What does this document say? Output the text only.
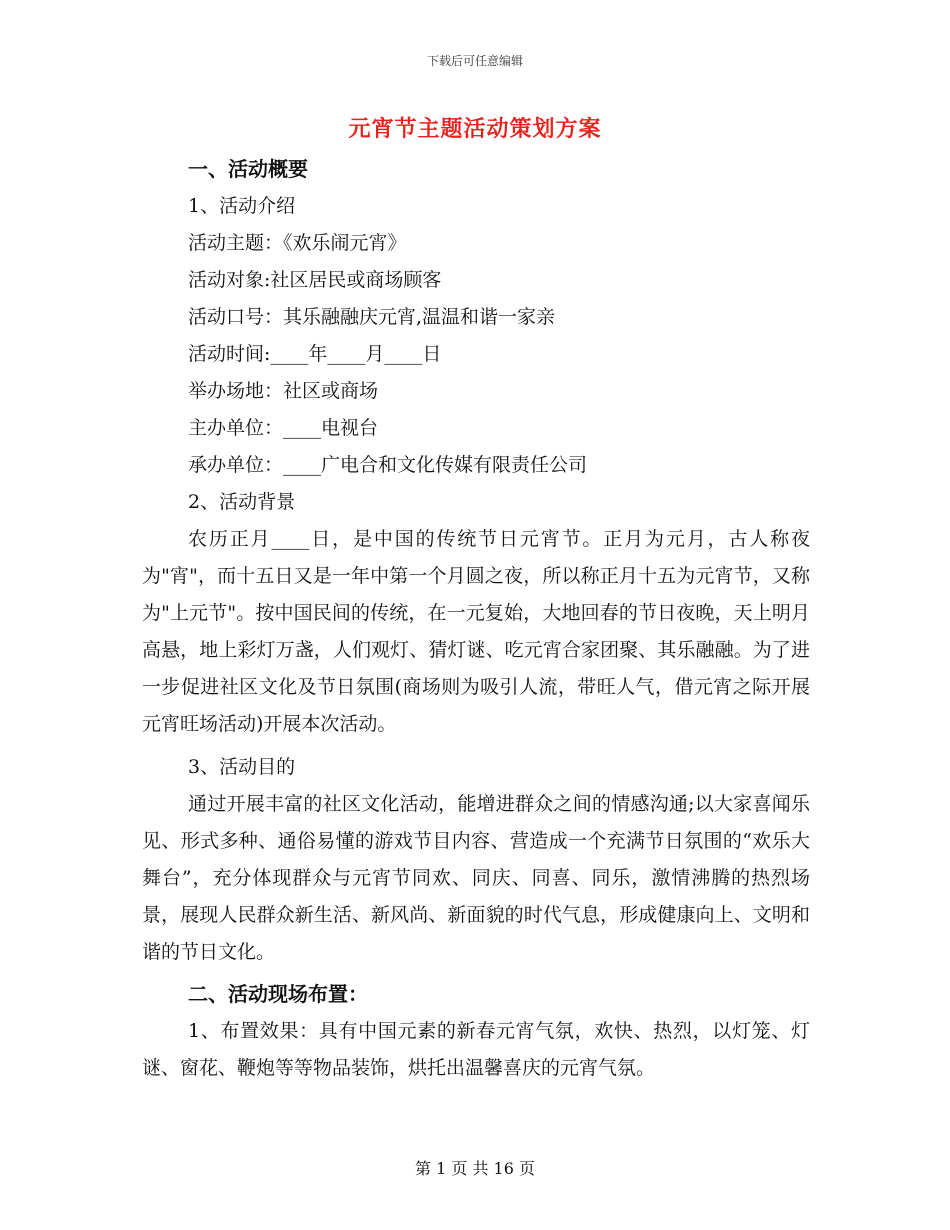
下载后可任意编辑
元宵节主题活动策划方案

一、活动概要

1、活动介绍

活动主题：《欢乐闹元宵》

活动对象:社区居民或商场顾客

活动口号：其乐融融庆元宵,温温和谐一家亲

活动时间:____年____月____日

举办场地：社区或商场

主办单位：____电视台

承办单位：____广电合和文化传媒有限责任公司

2、活动背景

农历正月____日，是中国的传统节日元宵节。正月为元月，古人称夜为"宵"，而十五日又是一年中第一个月圆之夜，所以称正月十五为元宵节，又称为"上元节"。按中国民间的传统，在一元复始，大地回春的节日夜晚，天上明月高悬，地上彩灯万盏，人们观灯、猜灯谜、吃元宵合家团聚、其乐融融。为了进一步促进社区文化及节日氛围(商场则为吸引人流，带旺人气，借元宵之际开展元宵旺场活动)开展本次活动。

3、活动目的

通过开展丰富的社区文化活动，能增进群众之间的情感沟通;以大家喜闻乐见、形式多种、通俗易懂的游戏节目内容、营造成一个充满节日氛围的“欢乐大舞台”，充分体现群众与元宵节同欢、同庆、同喜、同乐，激情沸腾的热烈场景，展现人民群众新生活、新风尚、新面貌的时代气息，形成健康向上、文明和谐的节日文化。

二、活动现场布置：

1、布置效果：具有中国元素的新春元宵气氛，欢快、热烈，以灯笼、灯谜、窗花、鞭炮等等物品装饰，烘托出温馨喜庆的元宵气氛。

第 1 页 共 16 页
